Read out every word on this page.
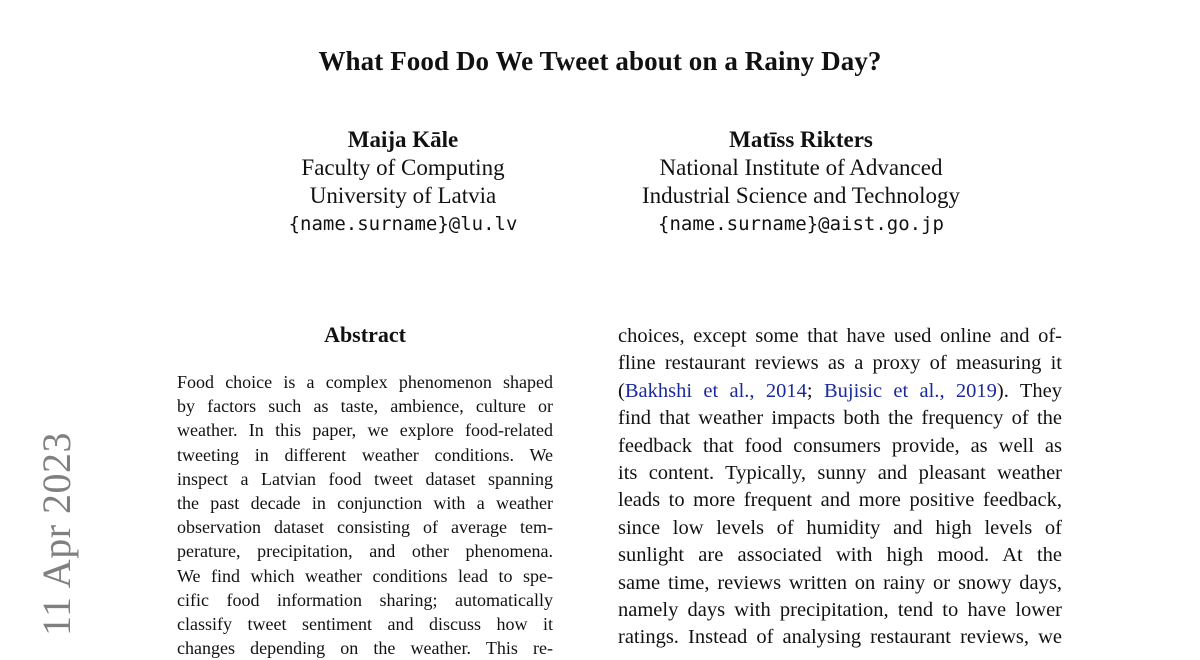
11 Apr 2023
What Food Do We Tweet about on a Rainy Day?
Maija Kāle
Faculty of Computing
University of Latvia
{name.surname}@lu.lv
Matīss Rikters
National Institute of Advanced
Industrial Science and Technology
{name.surname}@aist.go.jp
Abstract
Food choice is a complex phenomenon shaped
by factors such as taste, ambience, culture or
weather. In this paper, we explore food-related
tweeting in different weather conditions. We
inspect a Latvian food tweet dataset spanning
the past decade in conjunction with a weather
observation dataset consisting of average tem-
perature, precipitation, and other phenomena.
We find which weather conditions lead to spe-
cific food information sharing; automatically
classify tweet sentiment and discuss how it
changes depending on the weather. This re-
choices, except some that have used online and of-
fline restaurant reviews as a proxy of measuring it
(Bakhshi et al., 2014; Bujisic et al., 2019). They
find that weather impacts both the frequency of the
feedback that food consumers provide, as well as
its content. Typically, sunny and pleasant weather
leads to more frequent and more positive feedback,
since low levels of humidity and high levels of
sunlight are associated with high mood. At the
same time, reviews written on rainy or snowy days,
namely days with precipitation, tend to have lower
ratings. Instead of analysing restaurant reviews, we
